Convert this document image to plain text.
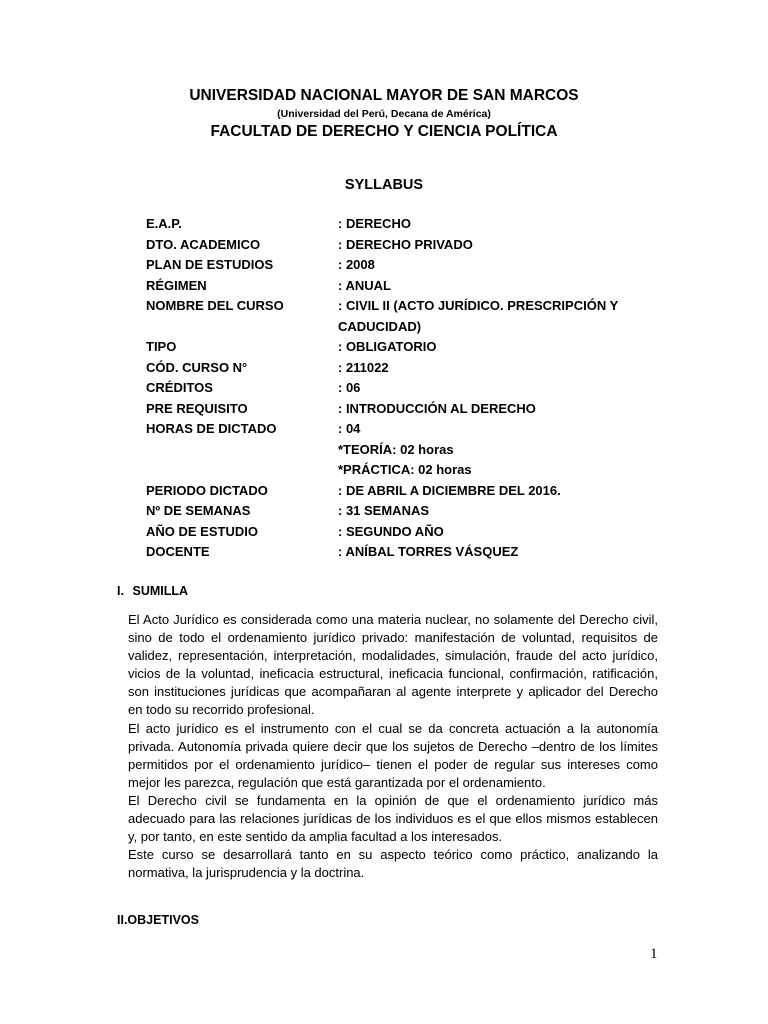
UNIVERSIDAD NACIONAL MAYOR DE SAN MARCOS
(Universidad del Perú, Decana de América)
FACULTAD DE DERECHO Y CIENCIA POLÍTICA
SYLLABUS
E.A.P.	: DERECHO
DTO. ACADEMICO	: DERECHO PRIVADO
PLAN DE ESTUDIOS	: 2008
RÉGIMEN	: ANUAL
NOMBRE DEL CURSO	: CIVIL II (ACTO JURÍDICO. PRESCRIPCIÓN Y
CADUCIDAD)
TIPO	: OBLIGATORIO
CÓD. CURSO N°	: 211022
CRÉDITOS	: 06
PRE REQUISITO	: INTRODUCCIÓN AL DERECHO
HORAS DE DICTADO	: 04
*TEORÍA: 02 horas
*PRÁCTICA: 02 horas
PERIODO DICTADO	: DE ABRIL A DICIEMBRE DEL 2016.
Nº DE SEMANAS	: 31 SEMANAS
AÑO DE ESTUDIO	: SEGUNDO AÑO
DOCENTE	: ANÍBAL TORRES VÁSQUEZ
I. SUMILLA

El Acto Jurídico es considerada como una materia nuclear, no solamente del Derecho civil, sino de todo el ordenamiento jurídico privado: manifestación de voluntad, requisitos de validez, representación, interpretación, modalidades, simulación, fraude del acto jurídico, vicios de la voluntad, ineficacia estructural, ineficacia funcional, confirmación, ratificación, son instituciones jurídicas que acompañaran al agente interprete y aplicador del Derecho en todo su recorrido profesional.

El acto jurídico es el instrumento con el cual se da concreta actuación a la autonomía privada. Autonomía privada quiere decir que los sujetos de Derecho –dentro de los límites permitidos por el ordenamiento jurídico– tienen el poder de regular sus intereses como mejor les parezca, regulación que está garantizada por el ordenamiento.

El Derecho civil se fundamenta en la opinión de que el ordenamiento jurídico más adecuado para las relaciones jurídicas de los individuos es el que ellos mismos establecen y, por tanto, en este sentido da amplia facultad a los interesados.

Este curso se desarrollará tanto en su aspecto teórico como práctico, analizando la normativa, la jurisprudencia y la doctrina.

II.OBJETIVOS
1
